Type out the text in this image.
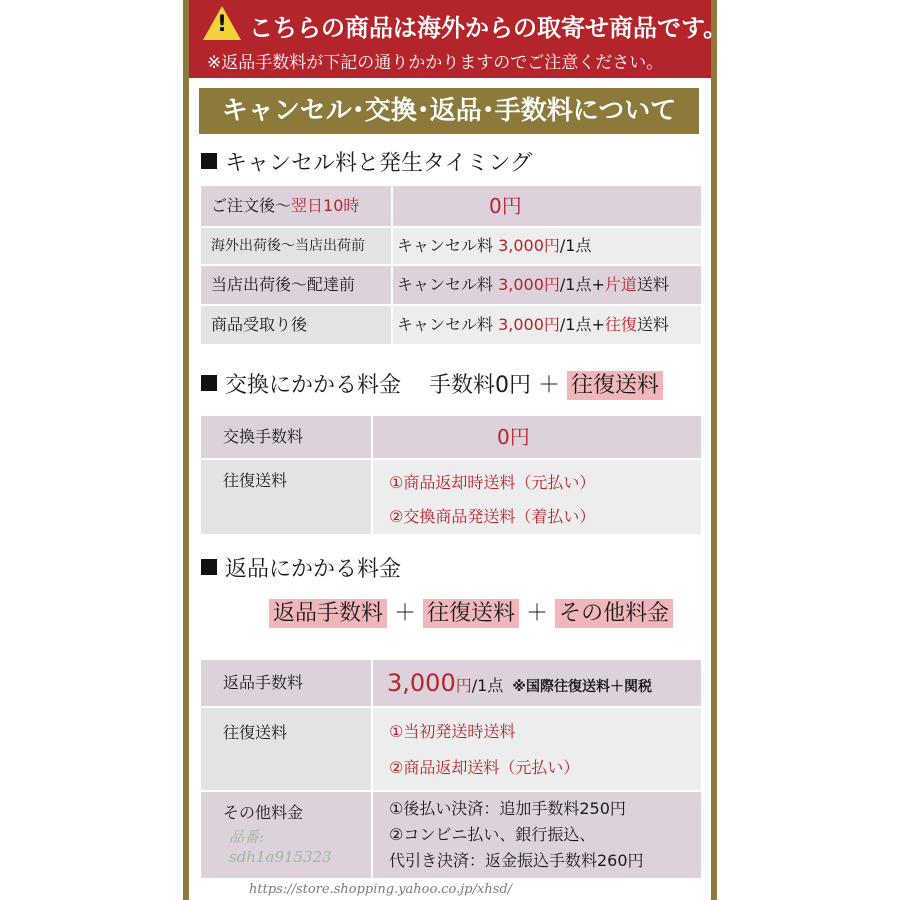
! こちらの商品は海外からの取寄せ商品です。
※返品手数料が下記の通りかかりますのでご注意ください。
キャンセル･交換･返品･手数料について
キャンセル料と発生タイミング
ご注文後〜翌日10時	0円
海外出荷後〜当店出荷前	キャンセル料 3,000円/1点
当店出荷後〜配達前	キャンセル料 3,000円/1点+片道送料
商品受取り後	キャンセル料 3,000円/1点+往復送料
交換にかかる料金 手数料0円 ＋ 往復送料
交換手数料	0円
往復送料	①商品返却時送料（元払い）
②交換商品発送料（着払い）
返品にかかる料金
返品手数料 ＋ 往復送料 ＋ その他料金
返品手数料	3,000円/1点 ※国際往復送料＋関税
往復送料	①当初発送時送料
②商品返却送料（元払い）
その他料金	①後払い決済：追加手数料250円
②コンビニ払い、銀行振込、
代引き決済：返金振込手数料260円
品番:
sdh1a915323
https://store.shopping.yahoo.co.jp/xhsd/
